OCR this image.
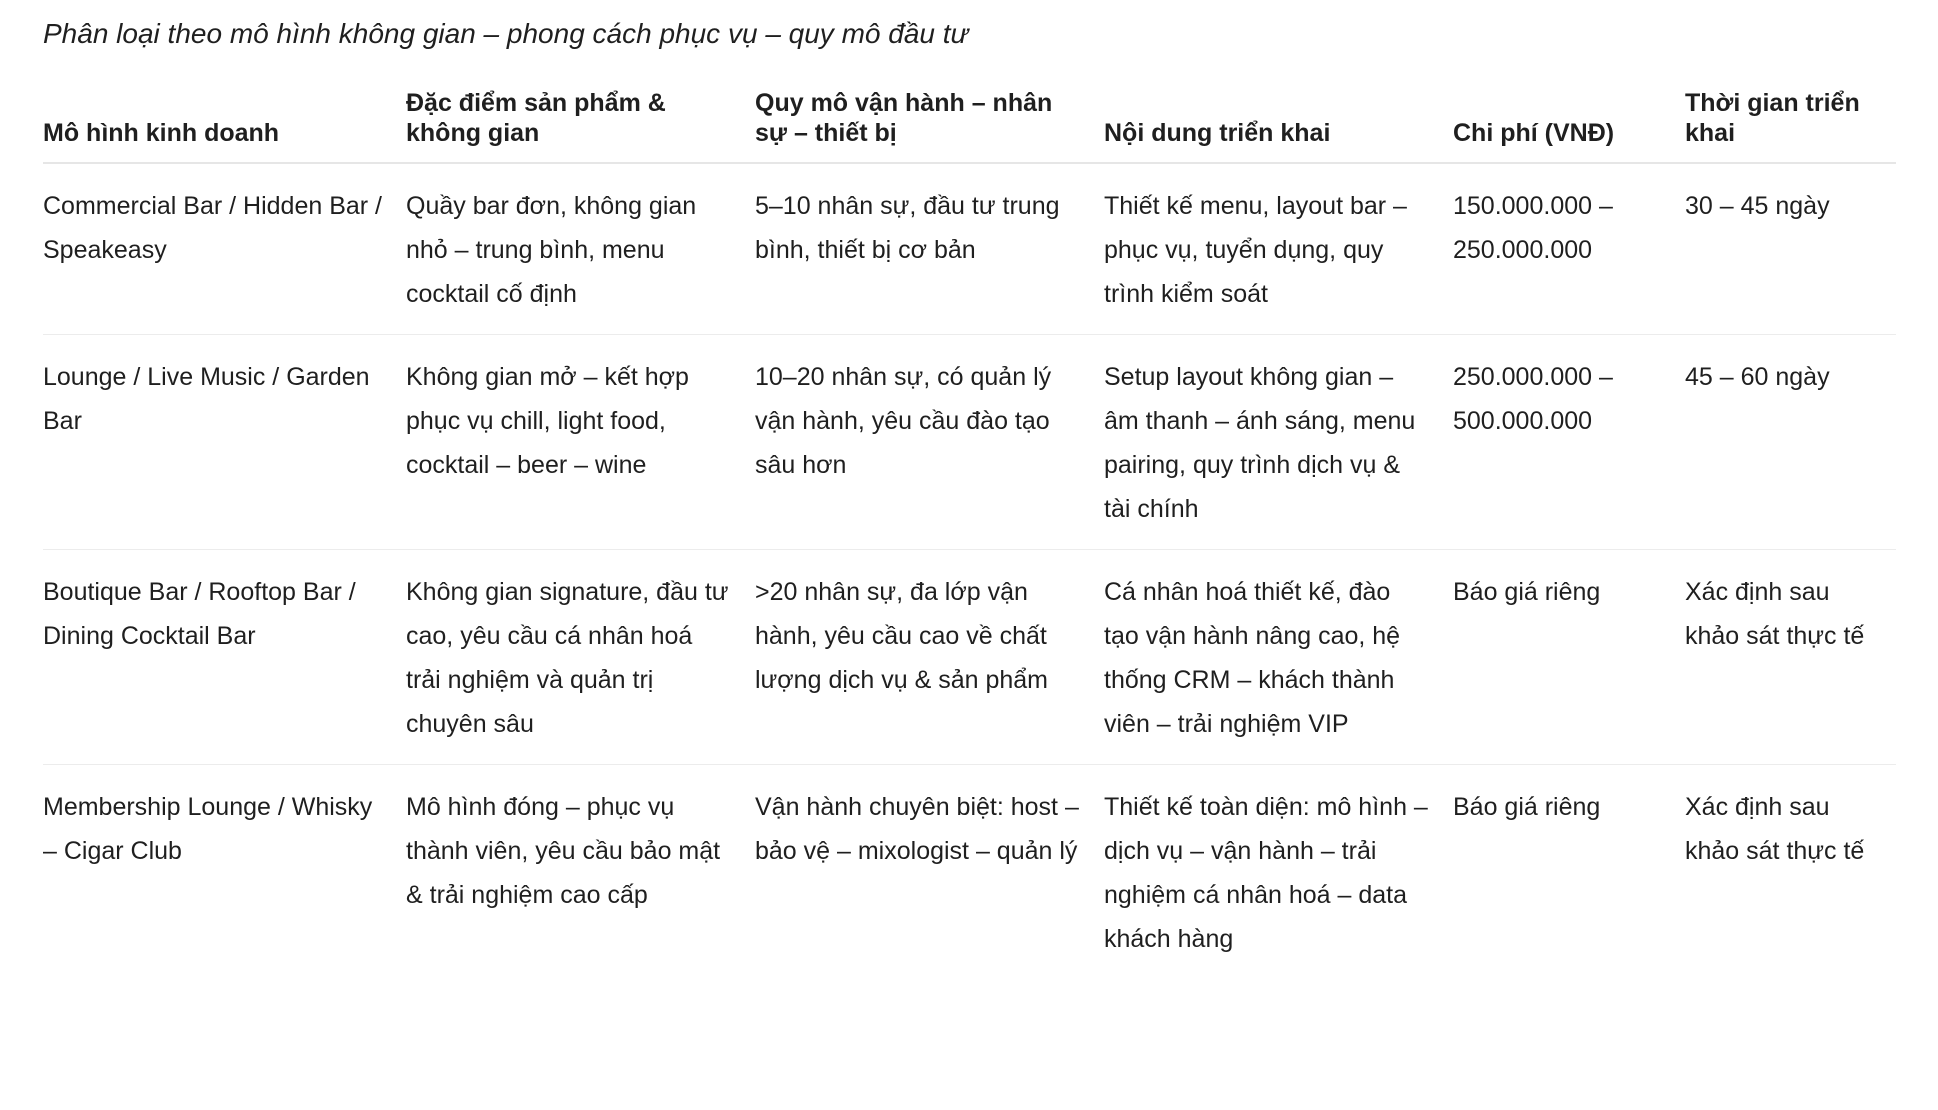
Phân loại theo mô hình không gian – phong cách phục vụ – quy mô đầu tư
Mô hình kinh doanh	Đặc điểm sản phẩm & không gian	Quy mô vận hành – nhân sự – thiết bị	Nội dung triển khai	Chi phí (VNĐ)	Thời gian triển khai
Commercial Bar / Hidden Bar / Speakeasy	Quầy bar đơn, không gian nhỏ – trung bình, menu cocktail cố định	5–10 nhân sự, đầu tư trung bình, thiết bị cơ bản	Thiết kế menu, layout bar – phục vụ, tuyển dụng, quy trình kiểm soát	150.000.000 – 250.000.000	30 – 45 ngày
Lounge / Live Music / Garden Bar	Không gian mở – kết hợp phục vụ chill, light food, cocktail – beer – wine	10–20 nhân sự, có quản lý vận hành, yêu cầu đào tạo sâu hơn	Setup layout không gian – âm thanh – ánh sáng, menu pairing, quy trình dịch vụ & tài chính	250.000.000 – 500.000.000	45 – 60 ngày
Boutique Bar / Rooftop Bar / Dining Cocktail Bar	Không gian signature, đầu tư cao, yêu cầu cá nhân hoá trải nghiệm và quản trị chuyên sâu	>20 nhân sự, đa lớp vận hành, yêu cầu cao về chất lượng dịch vụ & sản phẩm	Cá nhân hoá thiết kế, đào tạo vận hành nâng cao, hệ thống CRM – khách thành viên – trải nghiệm VIP	Báo giá riêng	Xác định sau khảo sát thực tế
Membership Lounge / Whisky – Cigar Club	Mô hình đóng – phục vụ thành viên, yêu cầu bảo mật & trải nghiệm cao cấp	Vận hành chuyên biệt: host – bảo vệ – mixologist – quản lý	Thiết kế toàn diện: mô hình – dịch vụ – vận hành – trải nghiệm cá nhân hoá – data khách hàng	Báo giá riêng	Xác định sau khảo sát thực tế
